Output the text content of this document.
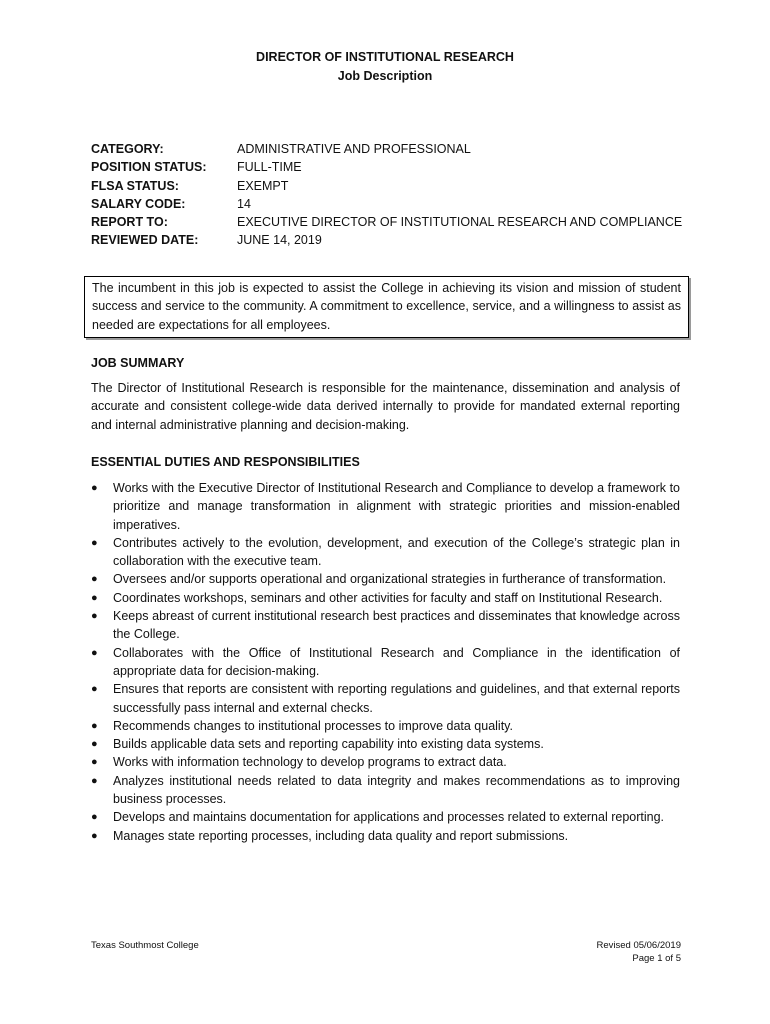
DIRECTOR OF INSTITUTIONAL RESEARCH
Job Description
CATEGORY:	ADMINISTRATIVE AND PROFESSIONAL
POSITION STATUS:	FULL-TIME
FLSA STATUS:	EXEMPT
SALARY CODE:	14
REPORT TO:	EXECUTIVE DIRECTOR OF INSTITUTIONAL RESEARCH AND COMPLIANCE
REVIEWED DATE:	JUNE 14, 2019
The incumbent in this job is expected to assist the College in achieving its vision and mission of student success and service to the community. A commitment to excellence, service, and a willingness to assist as needed are expectations for all employees.
JOB SUMMARY
The Director of Institutional Research is responsible for the maintenance, dissemination and analysis of accurate and consistent college-wide data derived internally to provide for mandated external reporting and internal administrative planning and decision-making.
ESSENTIAL DUTIES AND RESPONSIBILITIES
●	Works with the Executive Director of Institutional Research and Compliance to develop a framework to prioritize and manage transformation in alignment with strategic priorities and mission-enabled imperatives.
●	Contributes actively to the evolution, development, and execution of the College’s strategic plan in collaboration with the executive team.
●	Oversees and/or supports operational and organizational strategies in furtherance of transformation.
●	Coordinates workshops, seminars and other activities for faculty and staff on Institutional Research.
●	Keeps abreast of current institutional research best practices and disseminates that knowledge across the College.
●	Collaborates with the Office of Institutional Research and Compliance in the identification of appropriate data for decision-making.
●	Ensures that reports are consistent with reporting regulations and guidelines, and that external reports successfully pass internal and external checks.
●	Recommends changes to institutional processes to improve data quality.
●	Builds applicable data sets and reporting capability into existing data systems.
●	Works with information technology to develop programs to extract data.
●	Analyzes institutional needs related to data integrity and makes recommendations as to improving business processes.
●	Develops and maintains documentation for applications and processes related to external reporting.
●	Manages state reporting processes, including data quality and report submissions.
Texas Southmost College	Revised 05/06/2019
Page 1 of 5
